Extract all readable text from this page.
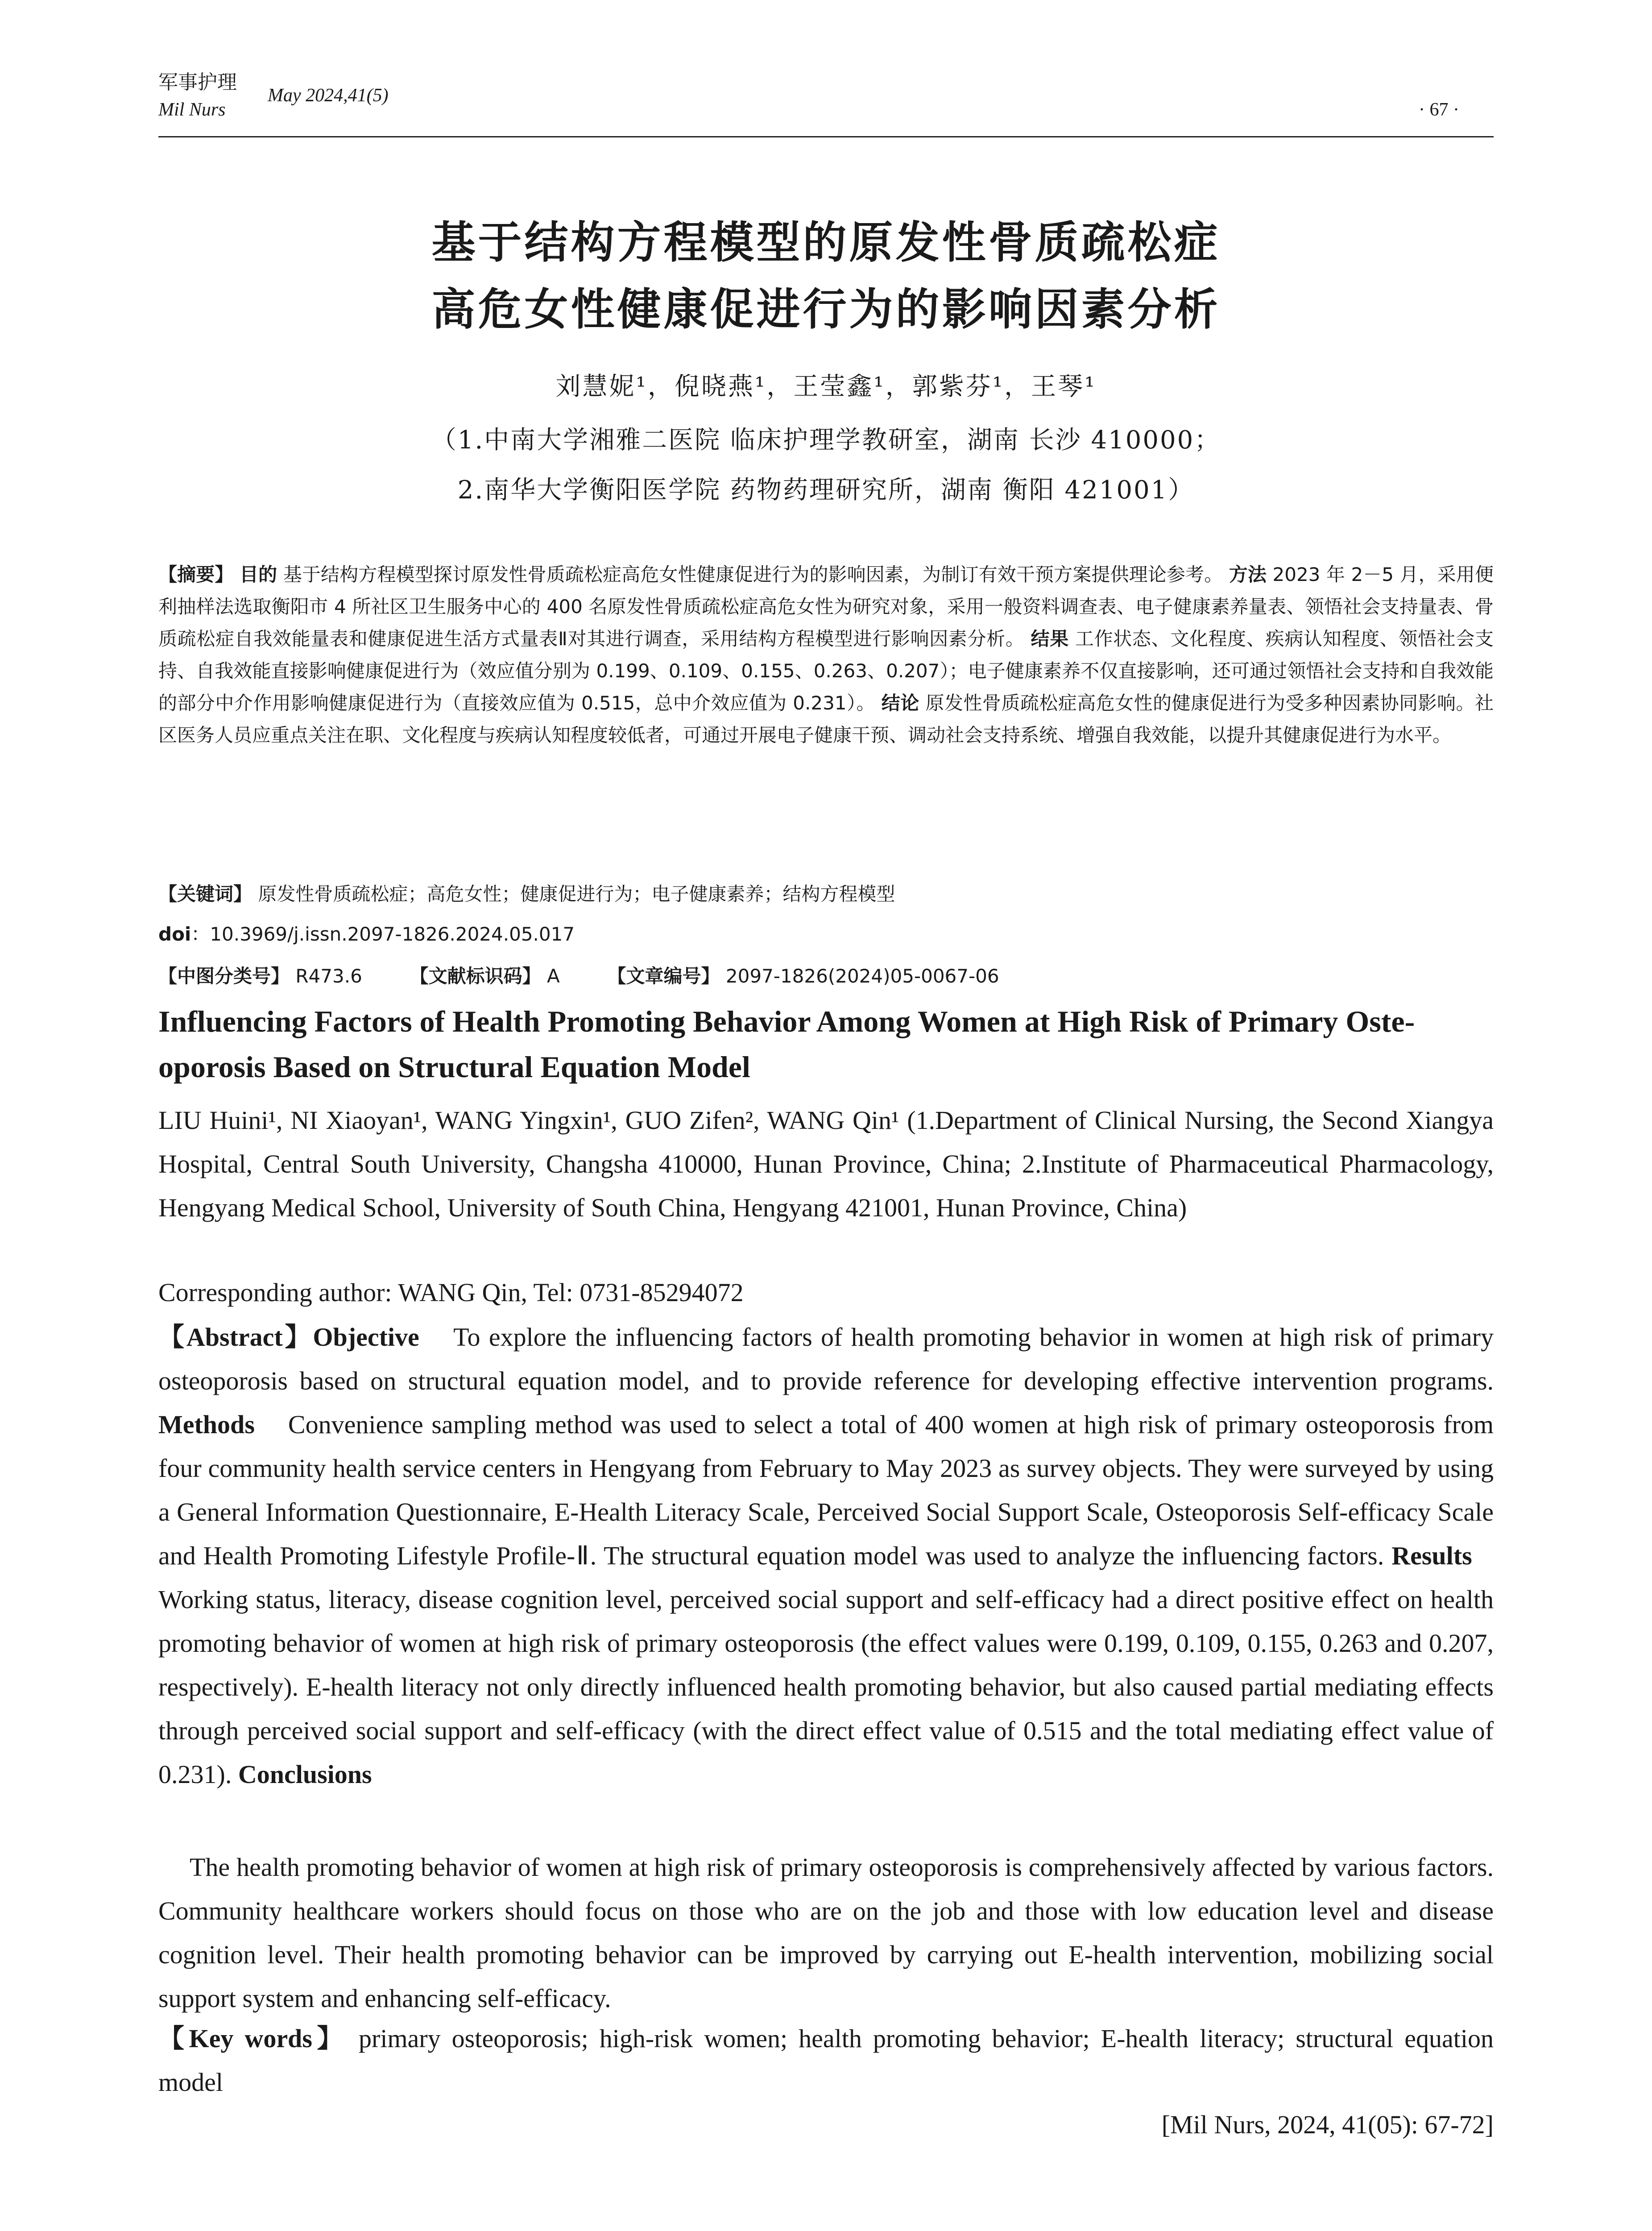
军事护理
Mil Nurs
May 2024,41(5)
· 67 ·
基于结构方程模型的原发性骨质疏松症
高危女性健康促进行为的影响因素分析
刘慧妮¹，倪晓燕¹，王莹鑫¹，郭紫芬¹，王琴¹
（1.中南大学湘雅二医院 临床护理学教研室，湖南 长沙 410000；
2.南华大学衡阳医学院 药物药理研究所，湖南 衡阳 421001）
【摘要】 目的 基于结构方程模型探讨原发性骨质疏松症高危女性健康促进行为的影响因素，为制订有效干预方案提供理论参考。 方法 2023 年 2－5 月，采用便利抽样法选取衡阳市 4 所社区卫生服务中心的 400 名原发性骨质疏松症高危女性为研究对象，采用一般资料调查表、电子健康素养量表、领悟社会支持量表、骨质疏松症自我效能量表和健康促进生活方式量表Ⅱ对其进行调查，采用结构方程模型进行影响因素分析。 结果 工作状态、文化程度、疾病认知程度、领悟社会支持、自我效能直接影响健康促进行为（效应值分别为 0.199、0.109、0.155、0.263、0.207）；电子健康素养不仅直接影响，还可通过领悟社会支持和自我效能的部分中介作用影响健康促进行为（直接效应值为 0.515，总中介效应值为 0.231）。 结论 原发性骨质疏松症高危女性的健康促进行为受多种因素协同影响。社区医务人员应重点关注在职、文化程度与疾病认知程度较低者，可通过开展电子健康干预、调动社会支持系统、增强自我效能，以提升其健康促进行为水平。
【关键词】 原发性骨质疏松症；高危女性；健康促进行为；电子健康素养；结构方程模型
doi：10.3969/j.issn.2097-1826.2024.05.017
【中图分类号】 R473.6	【文献标识码】 A	【文章编号】 2097-1826(2024)05-0067-06
Influencing Factors of Health Promoting Behavior Among Women at High Risk of Primary Oste-
oporosis Based on Structural Equation Model
LIU Huini¹, NI Xiaoyan¹, WANG Yingxin¹, GUO Zifen², WANG Qin¹ (1.Department of Clinical Nursing, the Second Xiangya Hospital, Central South University, Changsha 410000, Hunan Province, China; 2.Institute of Pharmaceutical Pharmacology, Hengyang Medical School, University of South China, Hengyang 421001, Hunan Province, China)
Corresponding author: WANG Qin, Tel: 0731-85294072
【Abstract】Objective To explore the influencing factors of health promoting behavior in women at high risk of primary osteoporosis based on structural equation model, and to provide reference for developing effective intervention programs. Methods Convenience sampling method was used to select a total of 400 women at high risk of primary osteoporosis from four community health service centers in Hengyang from February to May 2023 as survey objects. They were surveyed by using a General Information Questionnaire, E-Health Literacy Scale, Perceived Social Support Scale, Osteoporosis Self-efficacy Scale and Health Promoting Lifestyle Profile-Ⅱ. The structural equation model was used to analyze the influencing factors. Results    Working status, literacy, disease cognition level, perceived social support and self-efficacy had a direct positive effect on health promoting behavior of women at high risk of primary osteoporosis (the effect values were 0.199, 0.109, 0.155, 0.263 and 0.207, respectively). E-health literacy not only directly influenced health promoting behavior, but also caused partial mediating effects through perceived social support and self-efficacy (with the direct effect value of 0.515 and the total mediating effect value of 0.231). Conclusions
The health promoting behavior of women at high risk of primary osteoporosis is comprehensively affected by various factors. Community healthcare workers should focus on those who are on the job and those with low education level and disease cognition level. Their health promoting behavior can be improved by carrying out E-health intervention, mobilizing social support system and enhancing self-efficacy.
【Key words】 primary osteoporosis; high-risk women; health promoting behavior; E-health literacy; structural equation model
[Mil Nurs, 2024, 41(05): 67-72]
